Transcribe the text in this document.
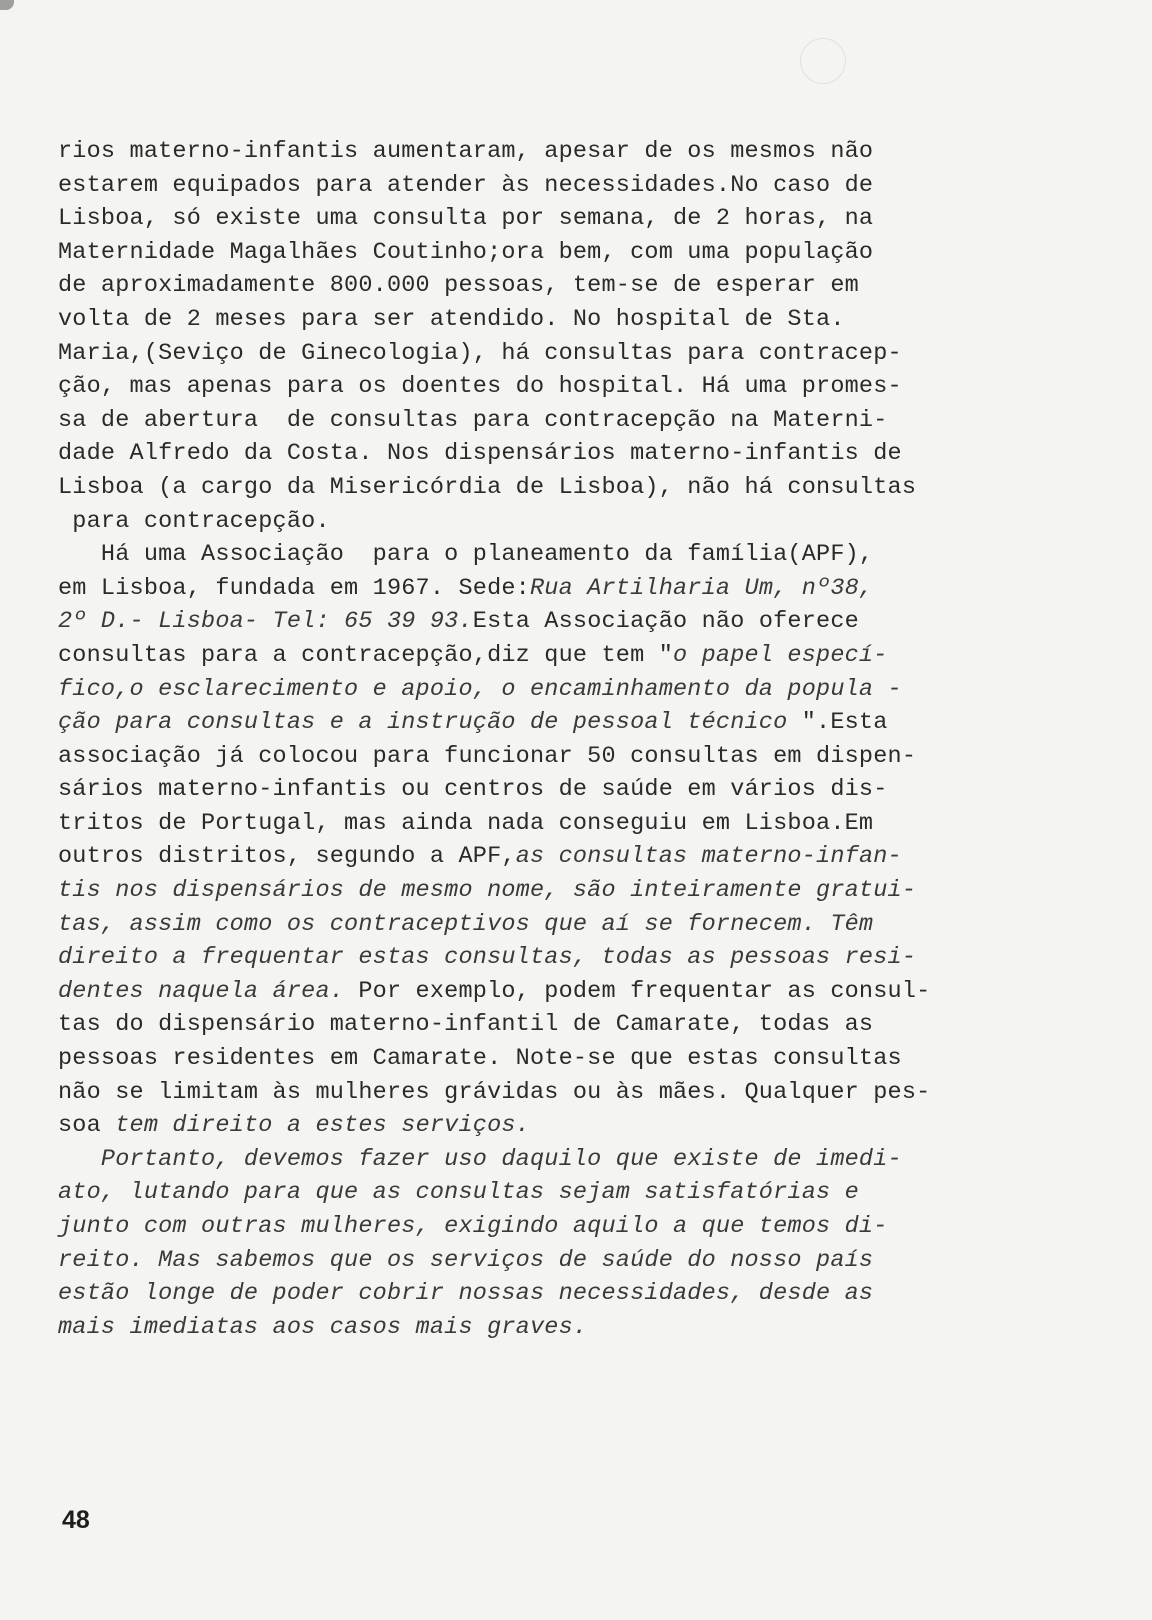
rios materno-infantis aumentaram, apesar de os mesmos não
estarem equipados para atender às necessidades.No caso de
Lisboa, só existe uma consulta por semana, de 2 horas, na
Maternidade Magalhães Coutinho;ora bem, com uma população
de aproximadamente 800.000 pessoas, tem-se de esperar em
volta de 2 meses para ser atendido. No hospital de Sta.
Maria,(Seviço de Ginecologia), há consultas para contracep-
ção, mas apenas para os doentes do hospital. Há uma promes-
sa de abertura  de consultas para contracepção na Materni-
dade Alfredo da Costa. Nos dispensários materno-infantis de
Lisboa (a cargo da Misericórdia de Lisboa), não há consultas
para contracepção.
Há uma Associação  para o planeamento da família(APF),
em Lisboa, fundada em 1967. Sede:Rua Artilharia Um, nº38,
2º D.- Lisboa- Tel: 65 39 93.Esta Associação não oferece
consultas para a contracepção,diz que tem "o papel especí-
fico,o esclarecimento e apoio, o encaminhamento da popula -
ção para consultas e a instrução de pessoal técnico ".Esta
associação já colocou para funcionar 50 consultas em dispen-
sários materno-infantis ou centros de saúde em vários dis-
tritos de Portugal, mas ainda nada conseguiu em Lisboa.Em
outros distritos, segundo a APF,as consultas materno-infan-
tis nos dispensários de mesmo nome, são inteiramente gratui-
tas, assim como os contraceptivos que aí se fornecem. Têm
direito a frequentar estas consultas, todas as pessoas resi-
dentes naquela área. Por exemplo, podem frequentar as consul-
tas do dispensário materno-infantil de Camarate, todas as
pessoas residentes em Camarate. Note-se que estas consultas
não se limitam às mulheres grávidas ou às mães. Qualquer pes-
soa tem direito a estes serviços.
Portanto, devemos fazer uso daquilo que existe de imedi-
ato, lutando para que as consultas sejam satisfatórias e
junto com outras mulheres, exigindo aquilo a que temos di-
reito. Mas sabemos que os serviços de saúde do nosso país
estão longe de poder cobrir nossas necessidades, desde as
mais imediatas aos casos mais graves.
48
